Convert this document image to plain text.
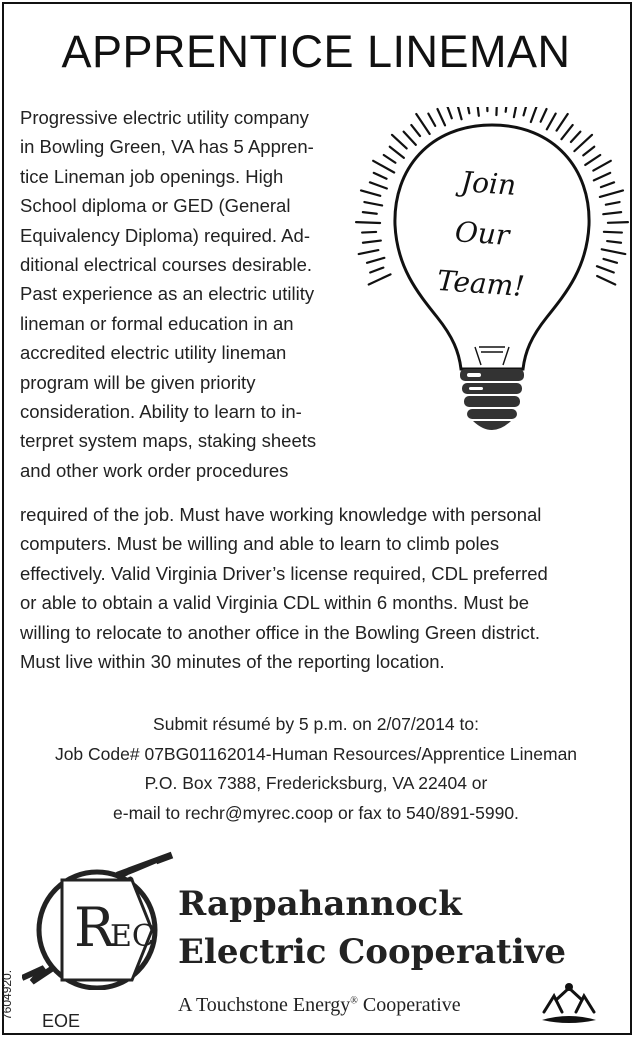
APPRENTICE LINEMAN
Progressive electric utility company
in Bowling Green, VA has 5 Appren-
tice Lineman job openings. High
School diploma or GED (General
Equivalency Diploma) required. Ad-
ditional electrical courses desirable.
Past experience as an electric utility
lineman or formal education in an
accredited electric utility lineman
program will be given priority
consideration. Ability to learn to in-
terpret system maps, staking sheets
and other work order procedures
Join
Our
Team!
required of the job. Must have working knowledge with personal
computers. Must be willing and able to learn to climb poles
effectively. Valid Virginia Driver’s license required, CDL preferred
or able to obtain a valid Virginia CDL within 6 months. Must be
willing to relocate to another office in the Bowling Green district.
Must live within 30 minutes of the reporting location.
Submit résumé by 5 p.m. on 2/07/2014 to:
Job Code# 07BG01162014-Human Resources/Apprentice Lineman
P.O. Box 7388, Fredericksburg, VA 22404 or
e-mail to rechr@myrec.coop or fax to 540/891-5990.
R
EC
Rappahannock
Electric Cooperative
A Touchstone Energy® Cooperative
7604920.
EOE
